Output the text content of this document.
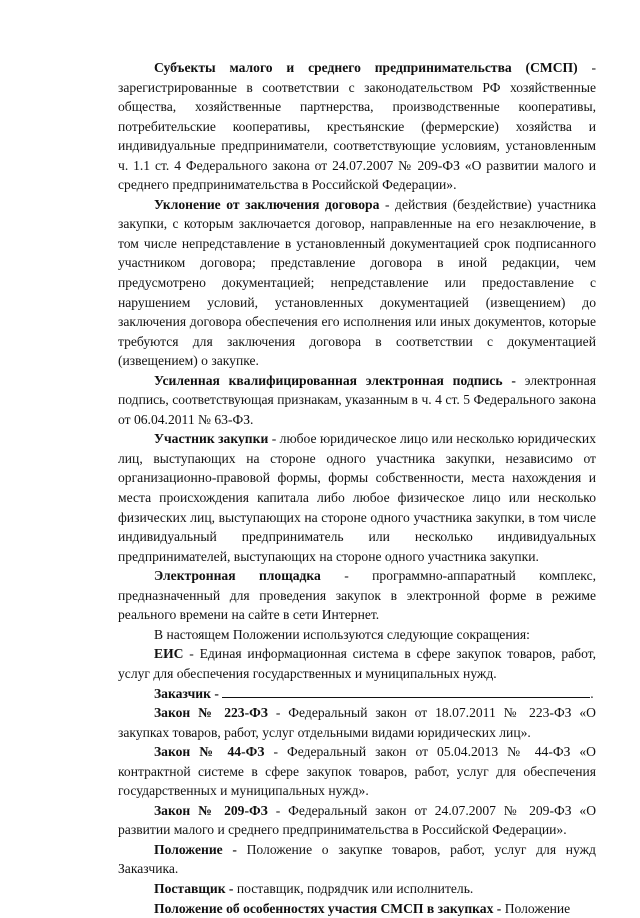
Субъекты малого и среднего предпринимательства (СМСП) - зарегистрированные в соответствии с законодательством РФ хозяйственные общества, хозяйственные партнерства, производственные кооперативы, потребительские кооперативы, крестьянские (фермерские) хозяйства и индивидуальные предприниматели, соответствующие условиям, установленным ч. 1.1 ст. 4 Федерального закона от 24.07.2007 № 209-ФЗ «О развитии малого и среднего предпринимательства в Российской Федерации».

Уклонение от заключения договора - действия (бездействие) участника закупки, с которым заключается договор, направленные на его незаключение, в том числе непредставление в установленный документацией срок подписанного участником договора; представление договора в иной редакции, чем предусмотрено документацией; непредставление или предоставление с нарушением условий, установленных документацией (извещением) до заключения договора обеспечения его исполнения или иных документов, которые требуются для заключения договора в соответствии с документацией (извещением) о закупке.

Усиленная квалифицированная электронная подпись - электронная подпись, соответствующая признакам, указанным в ч. 4 ст. 5 Федерального закона от 06.04.2011 № 63-ФЗ.

Участник закупки - любое юридическое лицо или несколько юридических лиц, выступающих на стороне одного участника закупки, независимо от организационно-правовой формы, формы собственности, места нахождения и места происхождения капитала либо любое физическое лицо или несколько физических лиц, выступающих на стороне одного участника закупки, в том числе индивидуальный предприниматель или несколько индивидуальных предпринимателей, выступающих на стороне одного участника закупки.

Электронная площадка - программно-аппаратный комплекс, предназначенный для проведения закупок в электронной форме в режиме реального времени на сайте в сети Интернет.

В настоящем Положении используются следующие сокращения:

ЕИС - Единая информационная система в сфере закупок товаров, работ, услуг для обеспечения государственных и муниципальных нужд.

Заказчик -	.

Закон № 223-ФЗ - Федеральный закон от 18.07.2011 № 223-ФЗ «О закупках товаров, работ, услуг отдельными видами юридических лиц».

Закон № 44-ФЗ - Федеральный закон от 05.04.2013 № 44-ФЗ «О контрактной системе в сфере закупок товаров, работ, услуг для обеспечения государственных и муниципальных нужд».

Закон № 209-ФЗ - Федеральный закон от 24.07.2007 № 209-ФЗ «О развитии малого и среднего предпринимательства в Российской Федерации».

Положение - Положение о закупке товаров, работ, услуг для нужд Заказчика.

Поставщик - поставщик, подрядчик или исполнитель.

Положение об особенностях участия СМСП в закупках - Положение
